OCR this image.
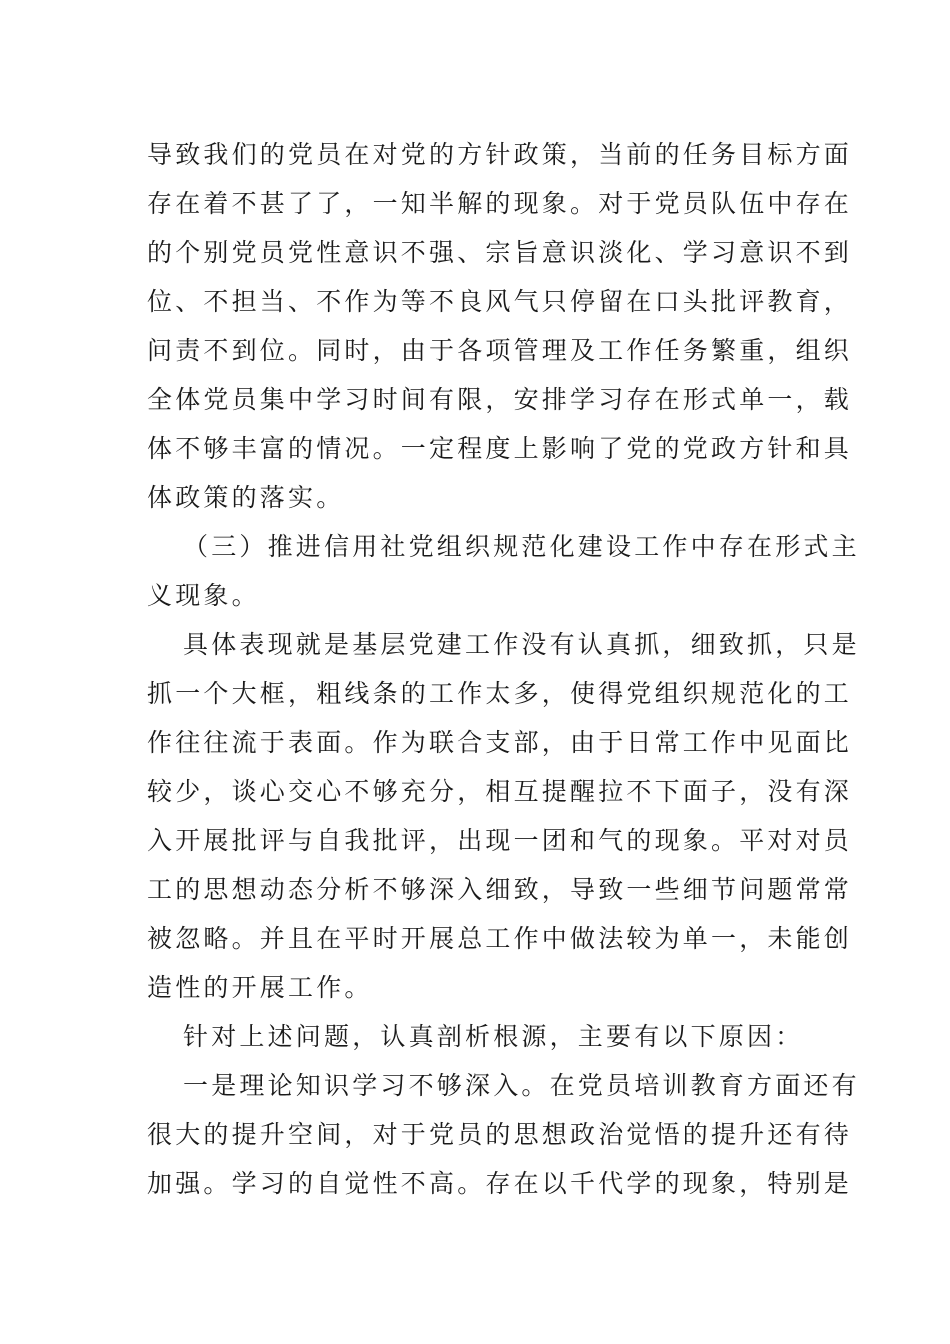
导致我们的党员在对党的方针政策，当前的任务目标方面
存在着不甚了了，一知半解的现象。对于党员队伍中存在
的个别党员党性意识不强、宗旨意识淡化、学习意识不到
位、不担当、不作为等不良风气只停留在口头批评教育，
问责不到位。同时，由于各项管理及工作任务繁重，组织
全体党员集中学习时间有限，安排学习存在形式单一，载
体不够丰富的情况。一定程度上影响了党的党政方针和具
体政策的落实。

（三）推进信用社党组织规范化建设工作中存在形式主
义现象。

具体表现就是基层党建工作没有认真抓，细致抓，只是
抓一个大框，粗线条的工作太多，使得党组织规范化的工
作往往流于表面。作为联合支部，由于日常工作中见面比
较少，谈心交心不够充分，相互提醒拉不下面子，没有深
入开展批评与自我批评，出现一团和气的现象。平对对员
工的思想动态分析不够深入细致，导致一些细节问题常常
被忽略。并且在平时开展总工作中做法较为单一，未能创
造性的开展工作。

针对上述问题，认真剖析根源，主要有以下原因：

一是理论知识学习不够深入。在党员培训教育方面还有
很大的提升空间，对于党员的思想政治觉悟的提升还有待
加强。学习的自觉性不高。存在以千代学的现象，特别是
